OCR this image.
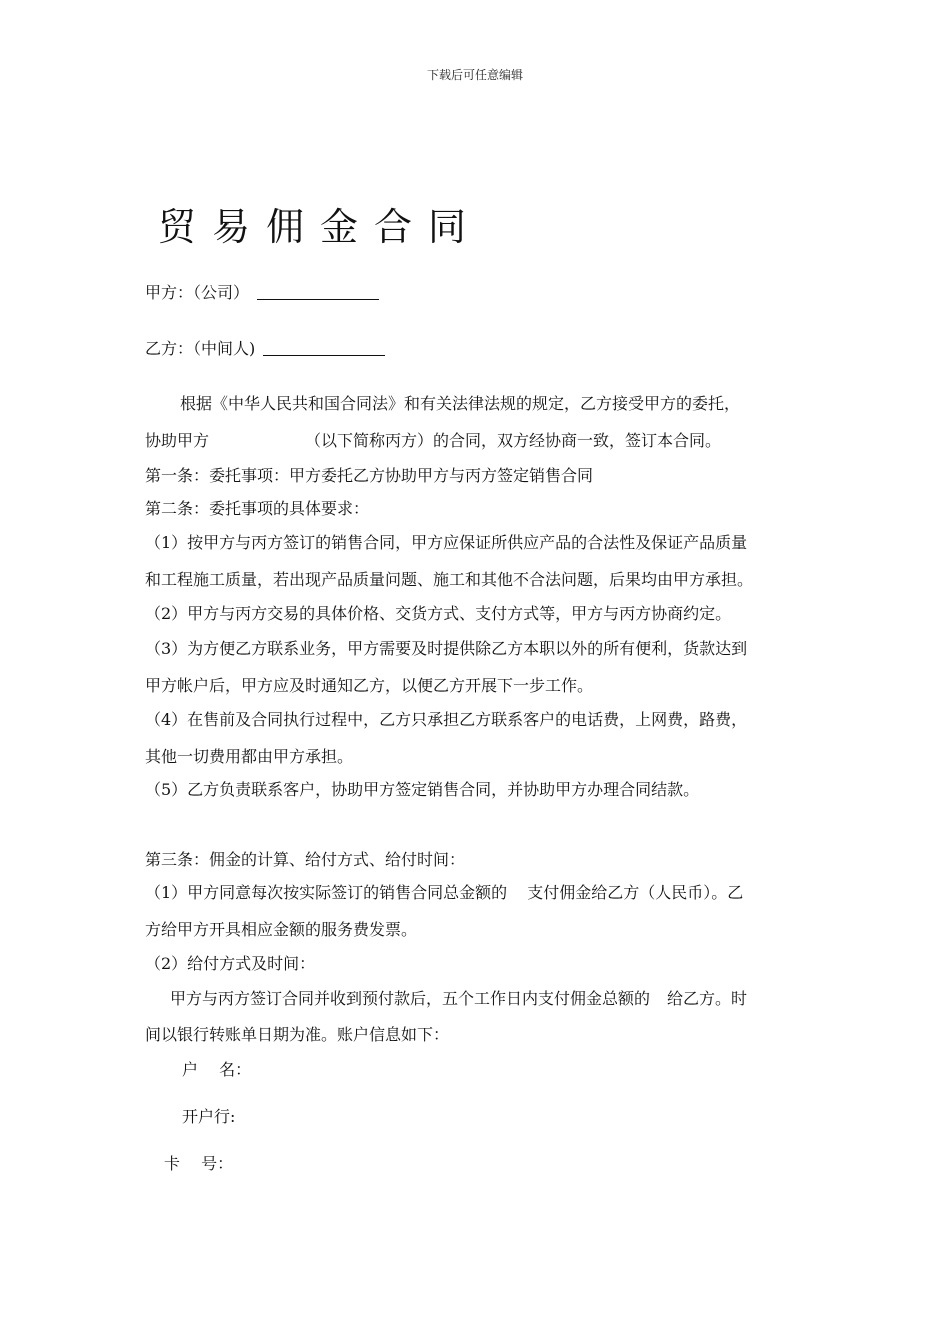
下载后可任意编辑
贸易佣金合同
甲方：（公司）
乙方：（中间人)
根据《中华人民共和国合同法》和有关法律法规的规定，乙方接受甲方的委托，
协助甲方	（以下简称丙方）的合同，双方经协商一致，签订本合同。
第一条：委托事项：甲方委托乙方协助甲方与丙方签定销售合同
第二条：委托事项的具体要求：
（1）按甲方与丙方签订的销售合同，甲方应保证所供应产品的合法性及保证产品质量
和工程施工质量，若出现产品质量问题、施工和其他不合法问题，后果均由甲方承担。
（2）甲方与丙方交易的具体价格、交货方式、支付方式等，甲方与丙方协商约定。
（3）为方便乙方联系业务，甲方需要及时提供除乙方本职以外的所有便利，货款达到
甲方帐户后，甲方应及时通知乙方，以便乙方开展下一步工作。
（4）在售前及合同执行过程中，乙方只承担乙方联系客户的电话费，上网费，路费，
其他一切费用都由甲方承担。
（5）乙方负责联系客户，协助甲方签定销售合同，并协助甲方办理合同结款。
第三条：佣金的计算、给付方式、给付时间：
（1）甲方同意每次按实际签订的销售合同总金额的 支付佣金给乙方（人民币）。乙
方给甲方开具相应金额的服务费发票。
（2）给付方式及时间：
甲方与丙方签订合同并收到预付款后，五个工作日内支付佣金总额的 给乙方。时
间以银行转账单日期为准。账户信息如下：
户　 名：
开户行:
卡　 号：
